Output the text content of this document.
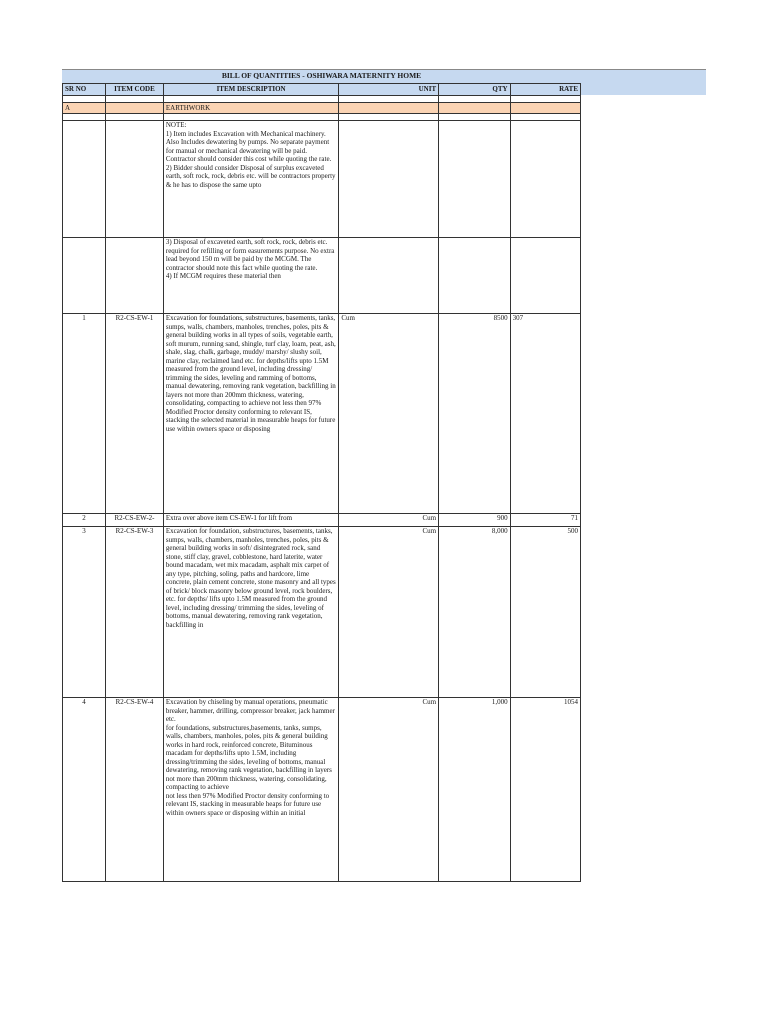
BILL OF QUANTITIES - OSHIWARA MATERNITY HOME
SR NO	ITEM CODE	ITEM DESCRIPTION	UNIT	QTY	RATE

A		EARTHWORK			

		NOTE:
1) Item includes Excavation with Mechanical machinery. Also Includes dewatering by pumps. No separate payment for manual or mechanical dewatering will be paid. Contractor should consider this cost while quoting the rate.
2) Bidder should consider Disposal of surplus excaveted earth, soft rock, rock, debris etc. will be contractors property
& he has to dispose the same upto			
		3) Disposal of excaveted earth, soft rock, rock, debris etc. required for refilling or form easurements purpose. No extra lead beyond 150 m will be paid by the MCGM. The contractor should note this fact while quoting the rate.
4) If MCGM requires these material then			
1	R2-CS-EW-1	Excavation for foundations, substructures, basements, tanks, sumps, walls, chambers, manholes, trenches, poles, pits & general building works in all types of soils, vegetable earth, soft murum, running sand, shingle, turf clay, loam, peat, ash, shale, slag, chalk, garbage, muddy/ marshy/ slushy soil, marine clay, reclaimed land etc. for depths/lifts upto 1.5M measured from the ground level, including dressing/ trimming the sides, leveling and ramming of bottoms, manual dewatering, removing rank vegetation, backfilling in layers not more than 200mm thickness, watering, consolidating, compacting to achieve not less then 97% Modified Proctor density conforming to relevant IS, stacking the selected material in measurable heaps for future use within owners space or disposing	Cum	8500	307
2	R2-CS-EW-2-	Extra over above item CS-EW-1 for lift from	Cum	900	71
3	R2-CS-EW-3	Excavation for foundation, substructures, basements, tanks, sumps, walls, chambers, manholes, trenches, poles, pits & general building works in soft/ disintegrated rock, sand stone, stiff clay, gravel, cobblestone, hard laterite, water bound macadam, wet mix macadam, asphalt mix carpet of any type, pitching, soling, paths and hardcore, lime concrete, plain cement concrete, stone masonry and all types of brick/ block masonry below ground level, rock boulders, etc. for depths/ lifts upto 1.5M measured from the ground level, including dressing/ trimming the sides, leveling of bottoms, manual dewatering, removing rank vegetation, backfilling in	Cum	8,000	500
4	R2-CS-EW-4	Excavation by chiseling by manual operations, pneumatic breaker, hammer, drilling, compressor breaker, jack hammer etc.
for foundations, substructures,basements, tanks, sumps, walls, chambers, manholes, poles, pits & general building works in hard rock, reinforced concrete, Bituminous macadam for depths/lifts upto 1.5M, including dressing/trimming the sides, leveling of bottoms, manual dewatering, removing rank vegetation, backfilling in layers not more than 200mm thickness, watering, consolidating, compacting to achieve
not less then 97% Modified Proctor density conforming to relevant IS, stacking in measurable heaps for future use within owners space or disposing within an initial	Cum	1,000	1054
